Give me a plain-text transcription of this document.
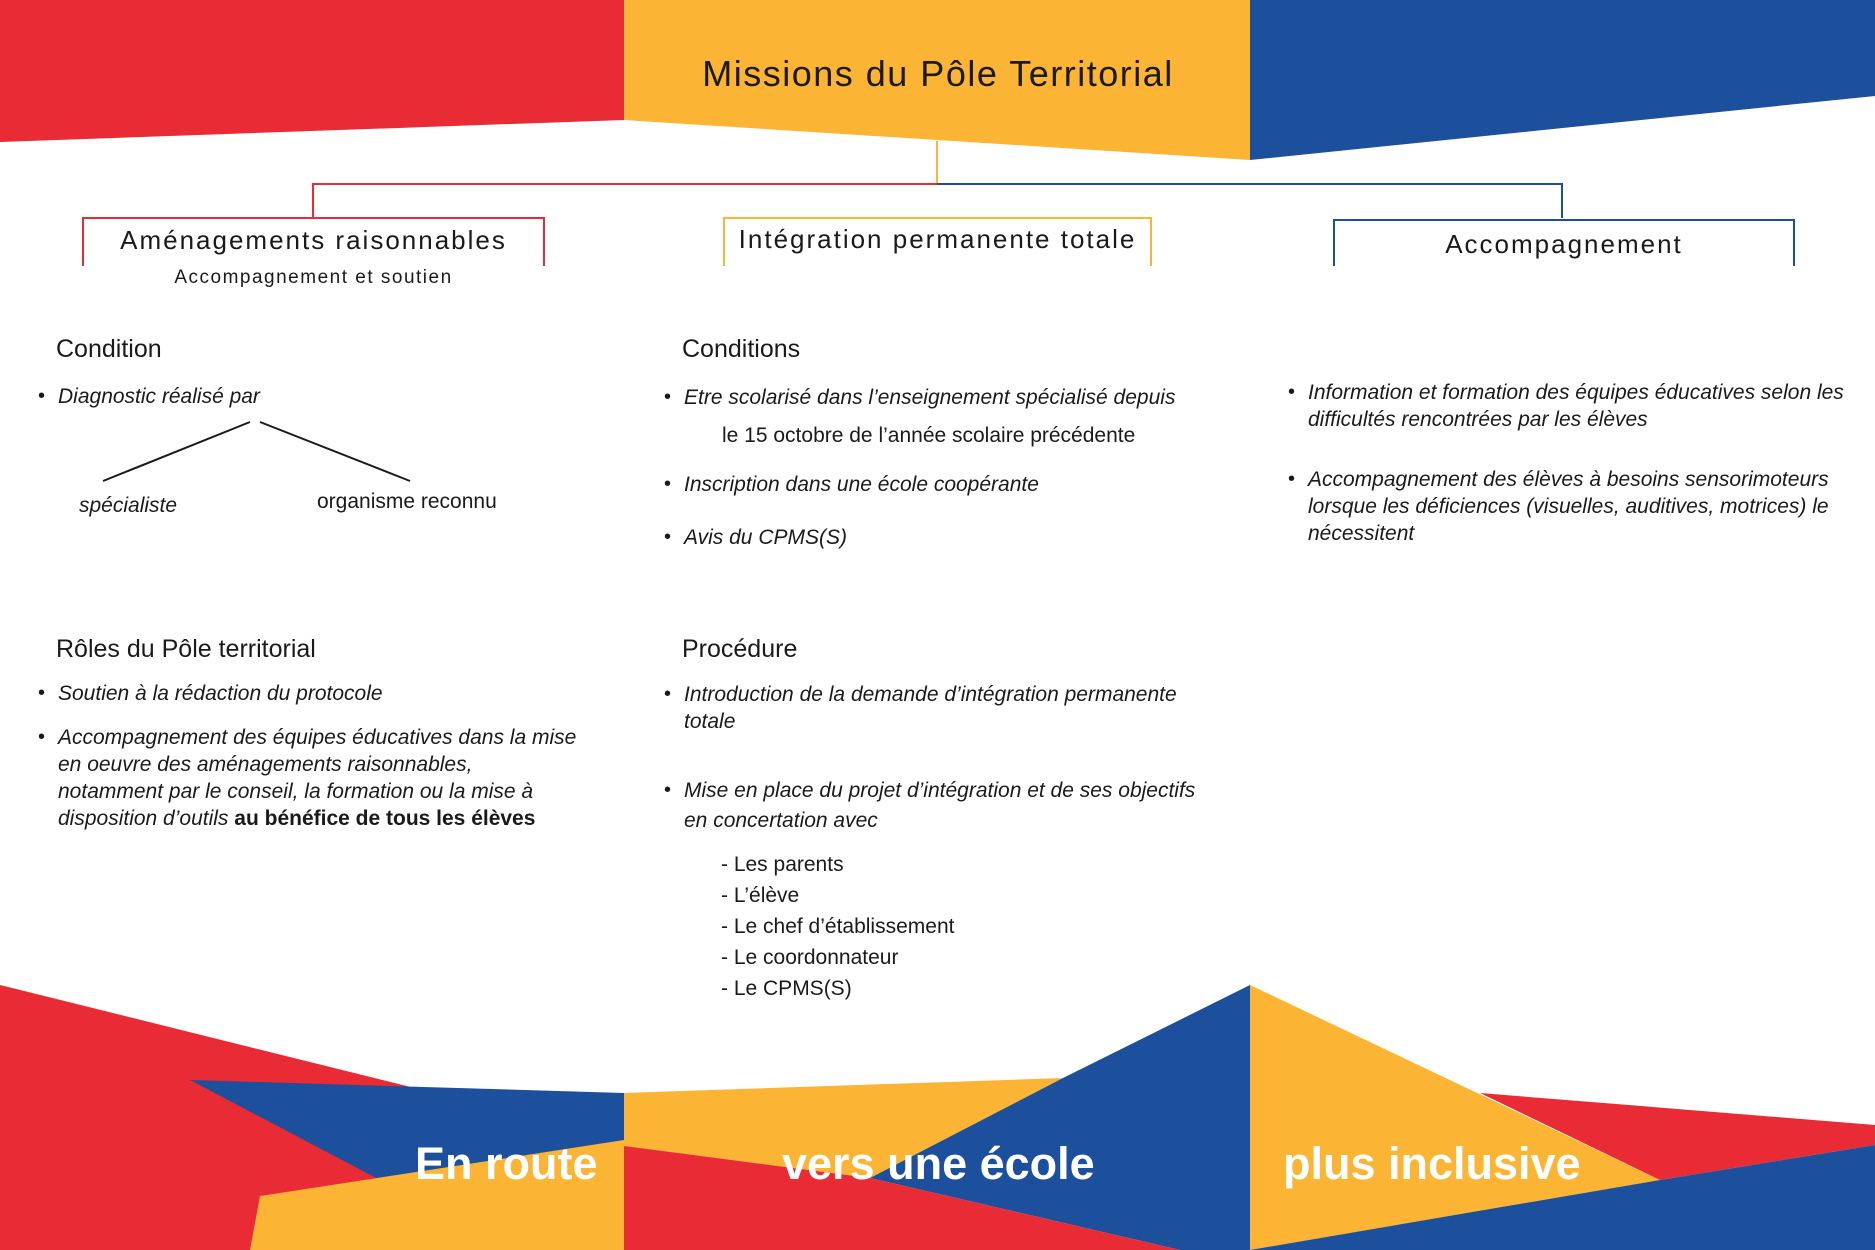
Missions du Pôle Territorial
Aménagements raisonnables
Accompagnement et soutien
Intégration permanente totale	Accompagnement
Condition
• Diagnostic réalisé par
spécialiste	organisme reconnu
Rôles du Pôle territorial
• Soutien à la rédaction du protocole
• Accompagnement des équipes éducatives dans la mise en oeuvre des aménagements raisonnables, notamment par le conseil, la formation ou la mise à disposition d’outils au bénéfice de tous les élèves
Conditions
• Etre scolarisé dans l’enseignement spécialisé depuis
le 15 octobre de l’année scolaire précédente
• Inscription dans une école coopérante
• Avis du CPMS(S)
Procédure
• Introduction de la demande d’intégration permanente totale
• Mise en place du projet d’intégration et de ses objectifs
en concertation avec
- Les parents
- L’élève
- Le chef d’établissement
- Le coordonnateur
- Le CPMS(S)
• Information et formation des équipes éducatives selon les difficultés rencontrées par les élèves
• Accompagnement des élèves à besoins sensorimoteurs lorsque les déficiences (visuelles, auditives, motrices) le nécessitent
En route	vers une école	plus inclusive
